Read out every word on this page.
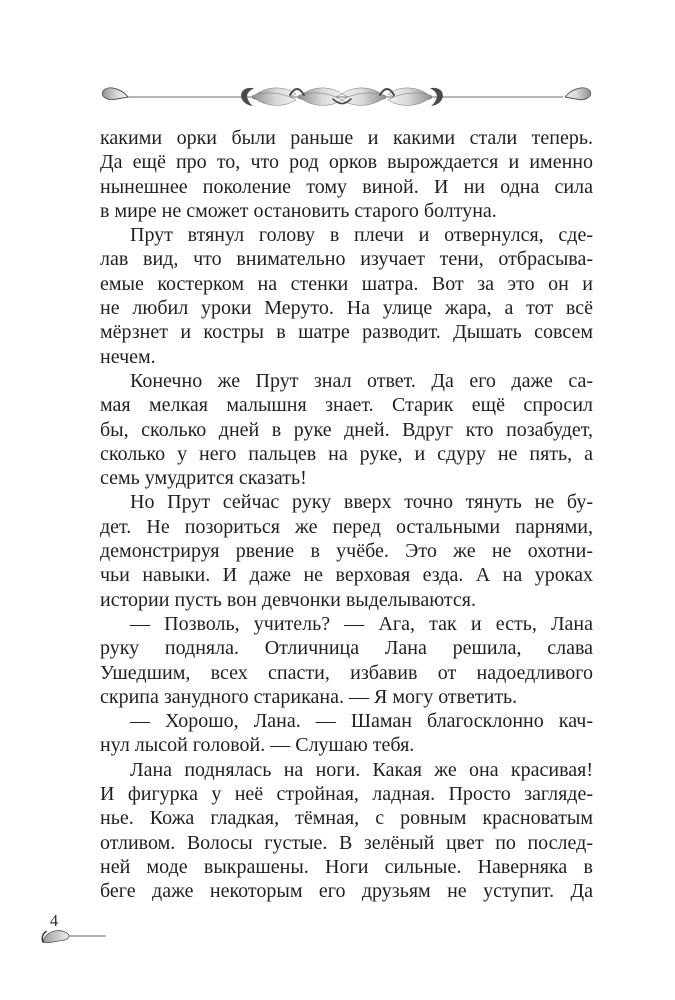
какими орки были раньше и какими стали теперь.
Да ещё про то, что род орков вырождается и именно
нынешнее поколение тому виной. И ни одна сила
в мире не сможет остановить старого болтуна.
Прут втянул голову в плечи и отвернулся, сде-
лав вид, что внимательно изучает тени, отбрасыва-
емые костерком на стенки шатра. Вот за это он и
не любил уроки Меруто. На улице жара, а тот всё
мёрзнет и костры в шатре разводит. Дышать совсем
нечем.
Конечно же Прут знал ответ. Да его даже са-
мая мелкая малышня знает. Старик ещё спросил
бы, сколько дней в руке дней. Вдруг кто позабудет,
сколько у него пальцев на руке, и сдуру не пять, а
семь умудрится сказать!
Но Прут сейчас руку вверх точно тянуть не бу-
дет. Не позориться же перед остальными парнями,
демонстрируя рвение в учёбе. Это же не охотни-
чьи навыки. И даже не верховая езда. А на уроках
истории пусть вон девчонки выделываются.
— Позволь, учитель? — Ага, так и есть, Лана
руку подняла. Отличница Лана решила, слава
Ушедшим, всех спасти, избавив от надоедливого
скрипа занудного старикана. — Я могу ответить.
— Хорошо, Лана. — Шаман благосклонно кач-
нул лысой головой. — Слушаю тебя.
Лана поднялась на ноги. Какая же она красивая!
И фигурка у неё стройная, ладная. Просто загляде-
нье. Кожа гладкая, тёмная, с ровным красноватым
отливом. Волосы густые. В зелёный цвет по послед-
ней моде выкрашены. Ноги сильные. Наверняка в
беге даже некоторым его друзьям не уступит. Да
4
